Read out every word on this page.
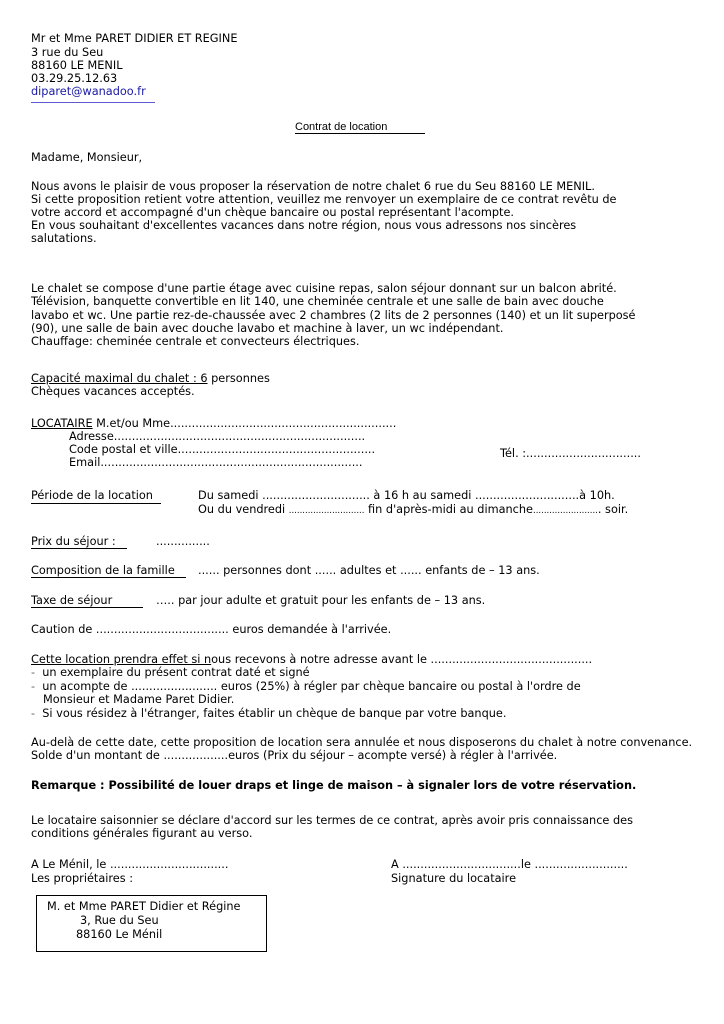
Mr et Mme PARET DIDIER ET REGINE
3 rue du Seu
88160 LE MENIL
03.29.25.12.63
diparet@wanadoo.fr
Contrat de location
Madame, Monsieur,
Nous avons le plaisir de vous proposer la réservation de notre chalet 6 rue du Seu 88160 LE MENIL.
Si cette proposition retient votre attention, veuillez me renvoyer un exemplaire de ce contrat revêtu de
votre accord et accompagné d'un chèque bancaire ou postal représentant l'acompte.
En vous souhaitant d'excellentes vacances dans notre région, nous vous adressons nos sincères
salutations.
Le chalet se compose d'une partie étage avec cuisine repas, salon séjour donnant sur un balcon abrité.
Télévision, banquette convertible en lit 140, une cheminée centrale et une salle de bain avec douche
lavabo et wc. Une partie rez-de-chaussée avec 2 chambres (2 lits de 2 personnes (140) et un lit superposé
(90), une salle de bain avec douche lavabo et machine à laver, un wc indépendant.
Chauffage: cheminée centrale et convecteurs électriques.
Capacité maximal du chalet : 6 personnes
Chèques vacances acceptés.
LOCATAIRE M.et/ou Mme...............................................................
Adresse......................................................................
Code postal et ville.......................................................	Tél. :................................
Email.........................................................................
Période de la location	Du samedi .............................. à 16 h au samedi .............................à 10h.
Ou du vendredi ............................ fin d'après-midi au dimanche......................... soir.
Prix du séjour :	...............
Composition de la famille ...... personnes dont ...... adultes et ...... enfants de – 13 ans.
Taxe de séjour	….. par jour adulte et gratuit pour les enfants de – 13 ans.
Caution de ..................................... euros demandée à l'arrivée.
Cette location prendra effet si nous recevons à notre adresse avant le .............................................
- un exemplaire du présent contrat daté et signé
- un acompte de ........................ euros (25%) à régler par chèque bancaire ou postal à l'ordre de
Monsieur et Madame Paret Didier.
- Si vous résidez à l'étranger, faites établir un chèque de banque par votre banque.
Au-delà de cette date, cette proposition de location sera annulée et nous disposerons du chalet à notre convenance.
Solde d'un montant de ..................euros (Prix du séjour – acompte versé) à régler à l'arrivée.
Remarque : Possibilité de louer draps et linge de maison – à signaler lors de votre réservation.
Le locataire saisonnier se déclare d'accord sur les termes de ce contrat, après avoir pris connaissance des
conditions générales figurant au verso.
A Le Ménil, le .................................
Les propriétaires :
A .................................le ..........................
Signature du locataire
M. et Mme PARET Didier et Régine
3, Rue du Seu
88160 Le Ménil
